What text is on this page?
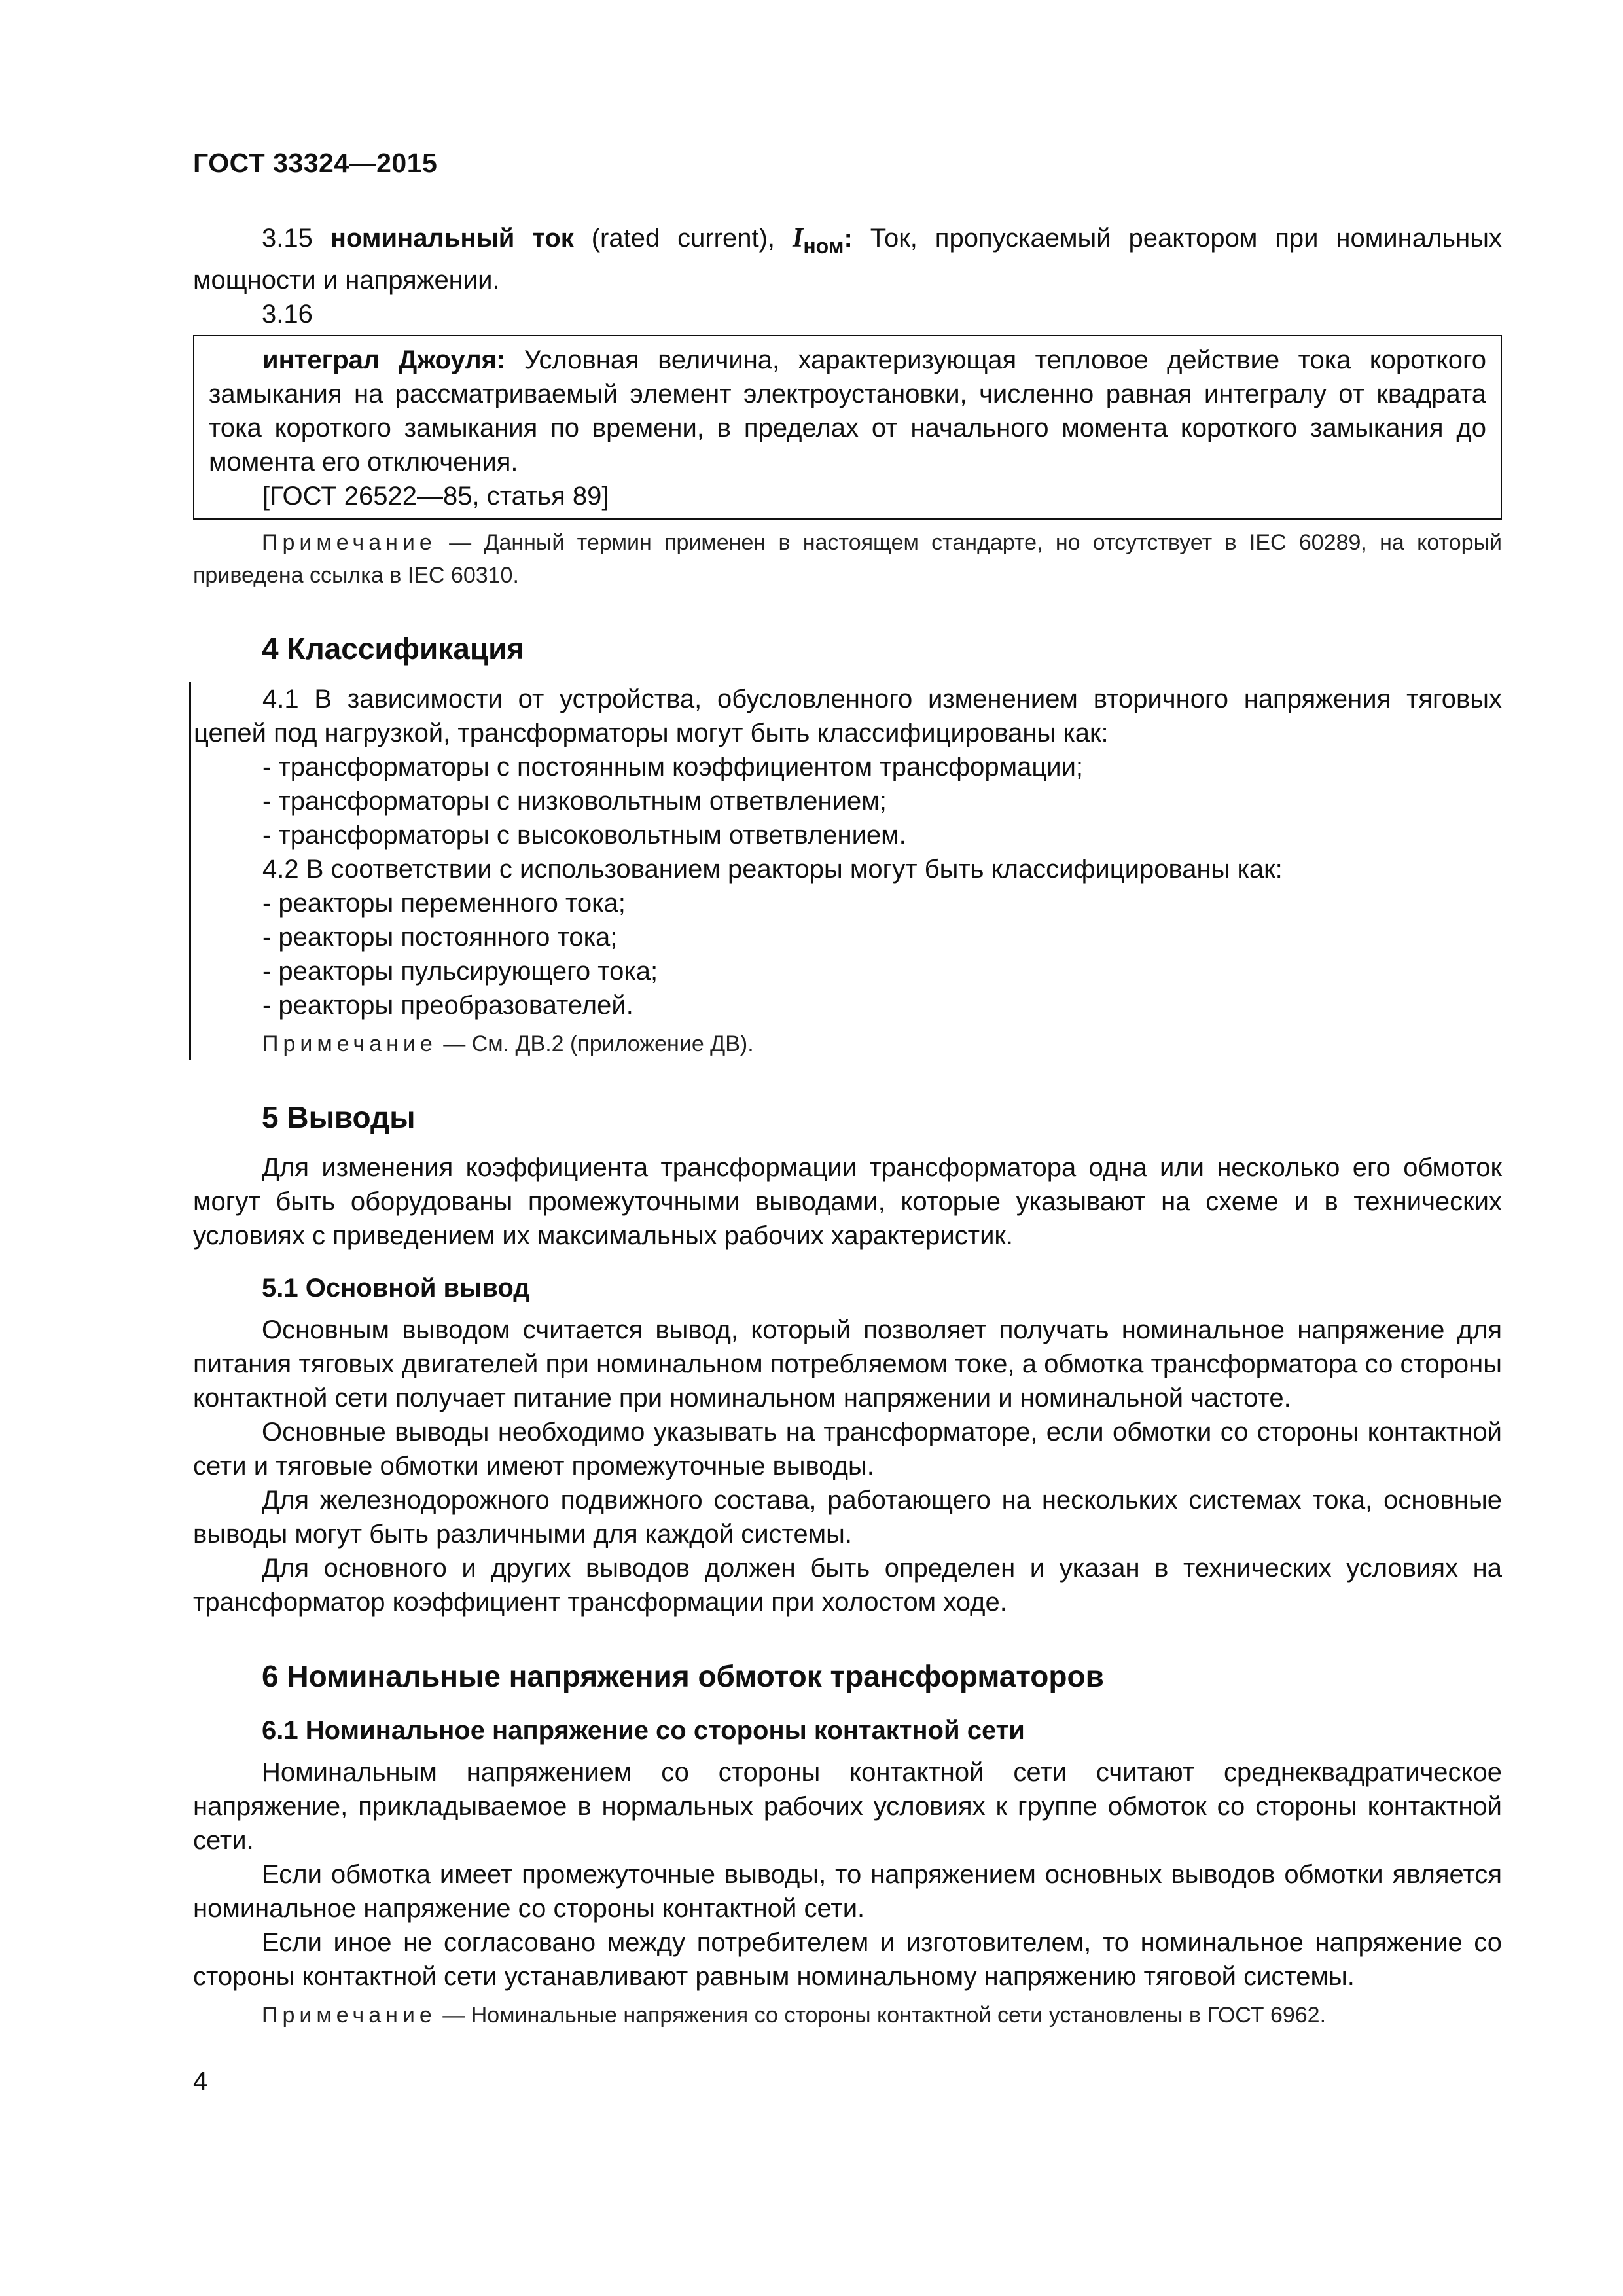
ГОСТ 33324—2015

3.15 номинальный ток (rated current), $I_{ном}$: Ток, пропускаемый реактором при номинальных мощности и напряжении.

3.16

интеграл Джоуля: Условная величина, характеризующая тепловое действие тока короткого замыкания на рассматриваемый элемент электроустановки, численно равная интегралу от квадрата тока короткого замыкания по времени, в пределах от начального момента короткого замыкания до момента его отключения.

[ГОСТ 26522—85, статья 89]

Примечание — Данный термин применен в настоящем стандарте, но отсутствует в IEC 60289, на который приведена ссылка в IEC 60310.

4 Классификация

4.1 В зависимости от устройства, обусловленного изменением вторичного напряжения тяговых цепей под нагрузкой, трансформаторы могут быть классифицированы как:

- трансформаторы с постоянным коэффициентом трансформации;

- трансформаторы с низковольтным ответвлением;

- трансформаторы с высоковольтным ответвлением.

4.2 В соответствии с использованием реакторы могут быть классифицированы как:

- реакторы переменного тока;

- реакторы постоянного тока;

- реакторы пульсирующего тока;

- реакторы преобразователей.

Примечание — См. ДВ.2 (приложение ДВ).

5 Выводы

Для изменения коэффициента трансформации трансформатора одна или несколько его обмоток могут быть оборудованы промежуточными выводами, которые указывают на схеме и в технических условиях с приведением их максимальных рабочих характеристик.

5.1 Основной вывод

Основным выводом считается вывод, который позволяет получать номинальное напряжение для питания тяговых двигателей при номинальном потребляемом токе, а обмотка трансформатора со стороны контактной сети получает питание при номинальном напряжении и номинальной частоте.

Основные выводы необходимо указывать на трансформаторе, если обмотки со стороны контактной сети и тяговые обмотки имеют промежуточные выводы.

Для железнодорожного подвижного состава, работающего на нескольких системах тока, основные выводы могут быть различными для каждой системы.

Для основного и других выводов должен быть определен и указан в технических условиях на трансформатор коэффициент трансформации при холостом ходе.

6 Номинальные напряжения обмоток трансформаторов
6.1 Номинальное напряжение со стороны контактной сети

Номинальным напряжением со стороны контактной сети считают среднеквадратическое напряжение, прикладываемое в нормальных рабочих условиях к группе обмоток со стороны контактной сети.

Если обмотка имеет промежуточные выводы, то напряжением основных выводов обмотки является номинальное напряжение со стороны контактной сети.

Если иное не согласовано между потребителем и изготовителем, то номинальное напряжение со стороны контактной сети устанавливают равным номинальному напряжению тяговой системы.

Примечание — Номинальные напряжения со стороны контактной сети установлены в ГОСТ 6962.

4
